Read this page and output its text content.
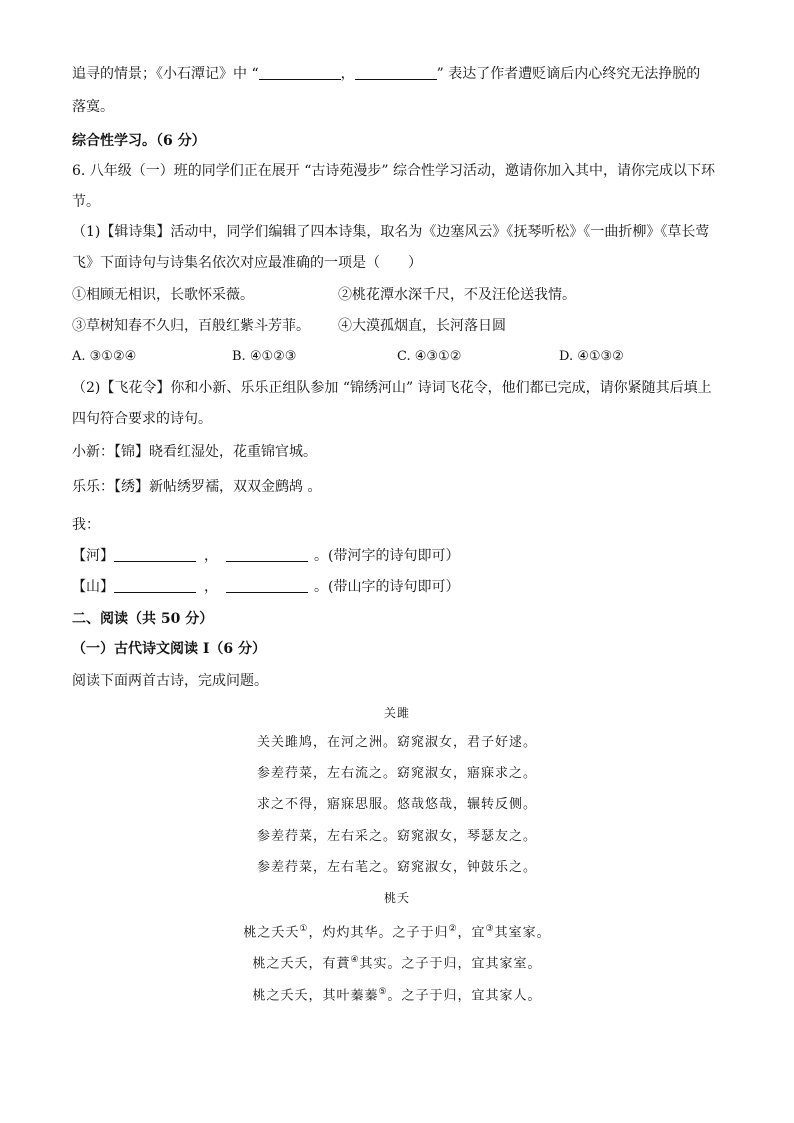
追寻的情景；《小石潭记》中 “	，	” 表达了作者遭贬谪后内心终究无法挣脱的
落寞。
综合性学习。（6 分）
6. 八年级（一）班的同学们正在展开 “古诗苑漫步” 综合性学习活动，邀请你加入其中，请你完成以下环
节。
（1)【辑诗集】活动中，同学们编辑了四本诗集，取名为《边塞风云》《抚琴听松》《一曲折柳》《草长莺
飞》下面诗句与诗集名依次对应最准确的一项是（　　）
①相顾无相识，长歌怀采薇。	②桃花潭水深千尺，不及汪伦送我情。
③草树知春不久归，百般红紫斗芳菲。 ④大漠孤烟直，长河落日圆
A. ③①②④	B. ④①②③	C. ④③①②	D. ④①③②
（2)【飞花令】你和小新、乐乐正组队参加 “锦绣河山” 诗词飞花令，他们都已完成，请你紧随其后填上
四句符合要求的诗句。
小新：【锦】晓看红湿处，花重锦官城。
乐乐：【绣】新帖绣罗襦，双双金鹧鸪 。
我：
【河】	，	。(带河字的诗句即可）
【山】	，	。(带山字的诗句即可）
二、阅读（共 50 分）
（一）古代诗文阅读 I（6 分）
阅读下面两首古诗，完成问题。
关雎
关关雎鸠，在河之洲。窈窕淑女，君子好逑。
参差荇菜，左右流之。窈窕淑女，寤寐求之。
求之不得，寤寐思服。悠哉悠哉，辗转反侧。
参差荇菜，左右采之。窈窕淑女，琴瑟友之。
参差荇菜，左右芼之。窈窕淑女，钟鼓乐之。
桃夭
桃之夭夭①，灼灼其华。之子于归②，宜③其室家。
桃之夭夭，有蕡④其实。之子于归，宜其家室。
桃之夭夭，其叶蓁蓁⑤。之子于归，宜其家人。
